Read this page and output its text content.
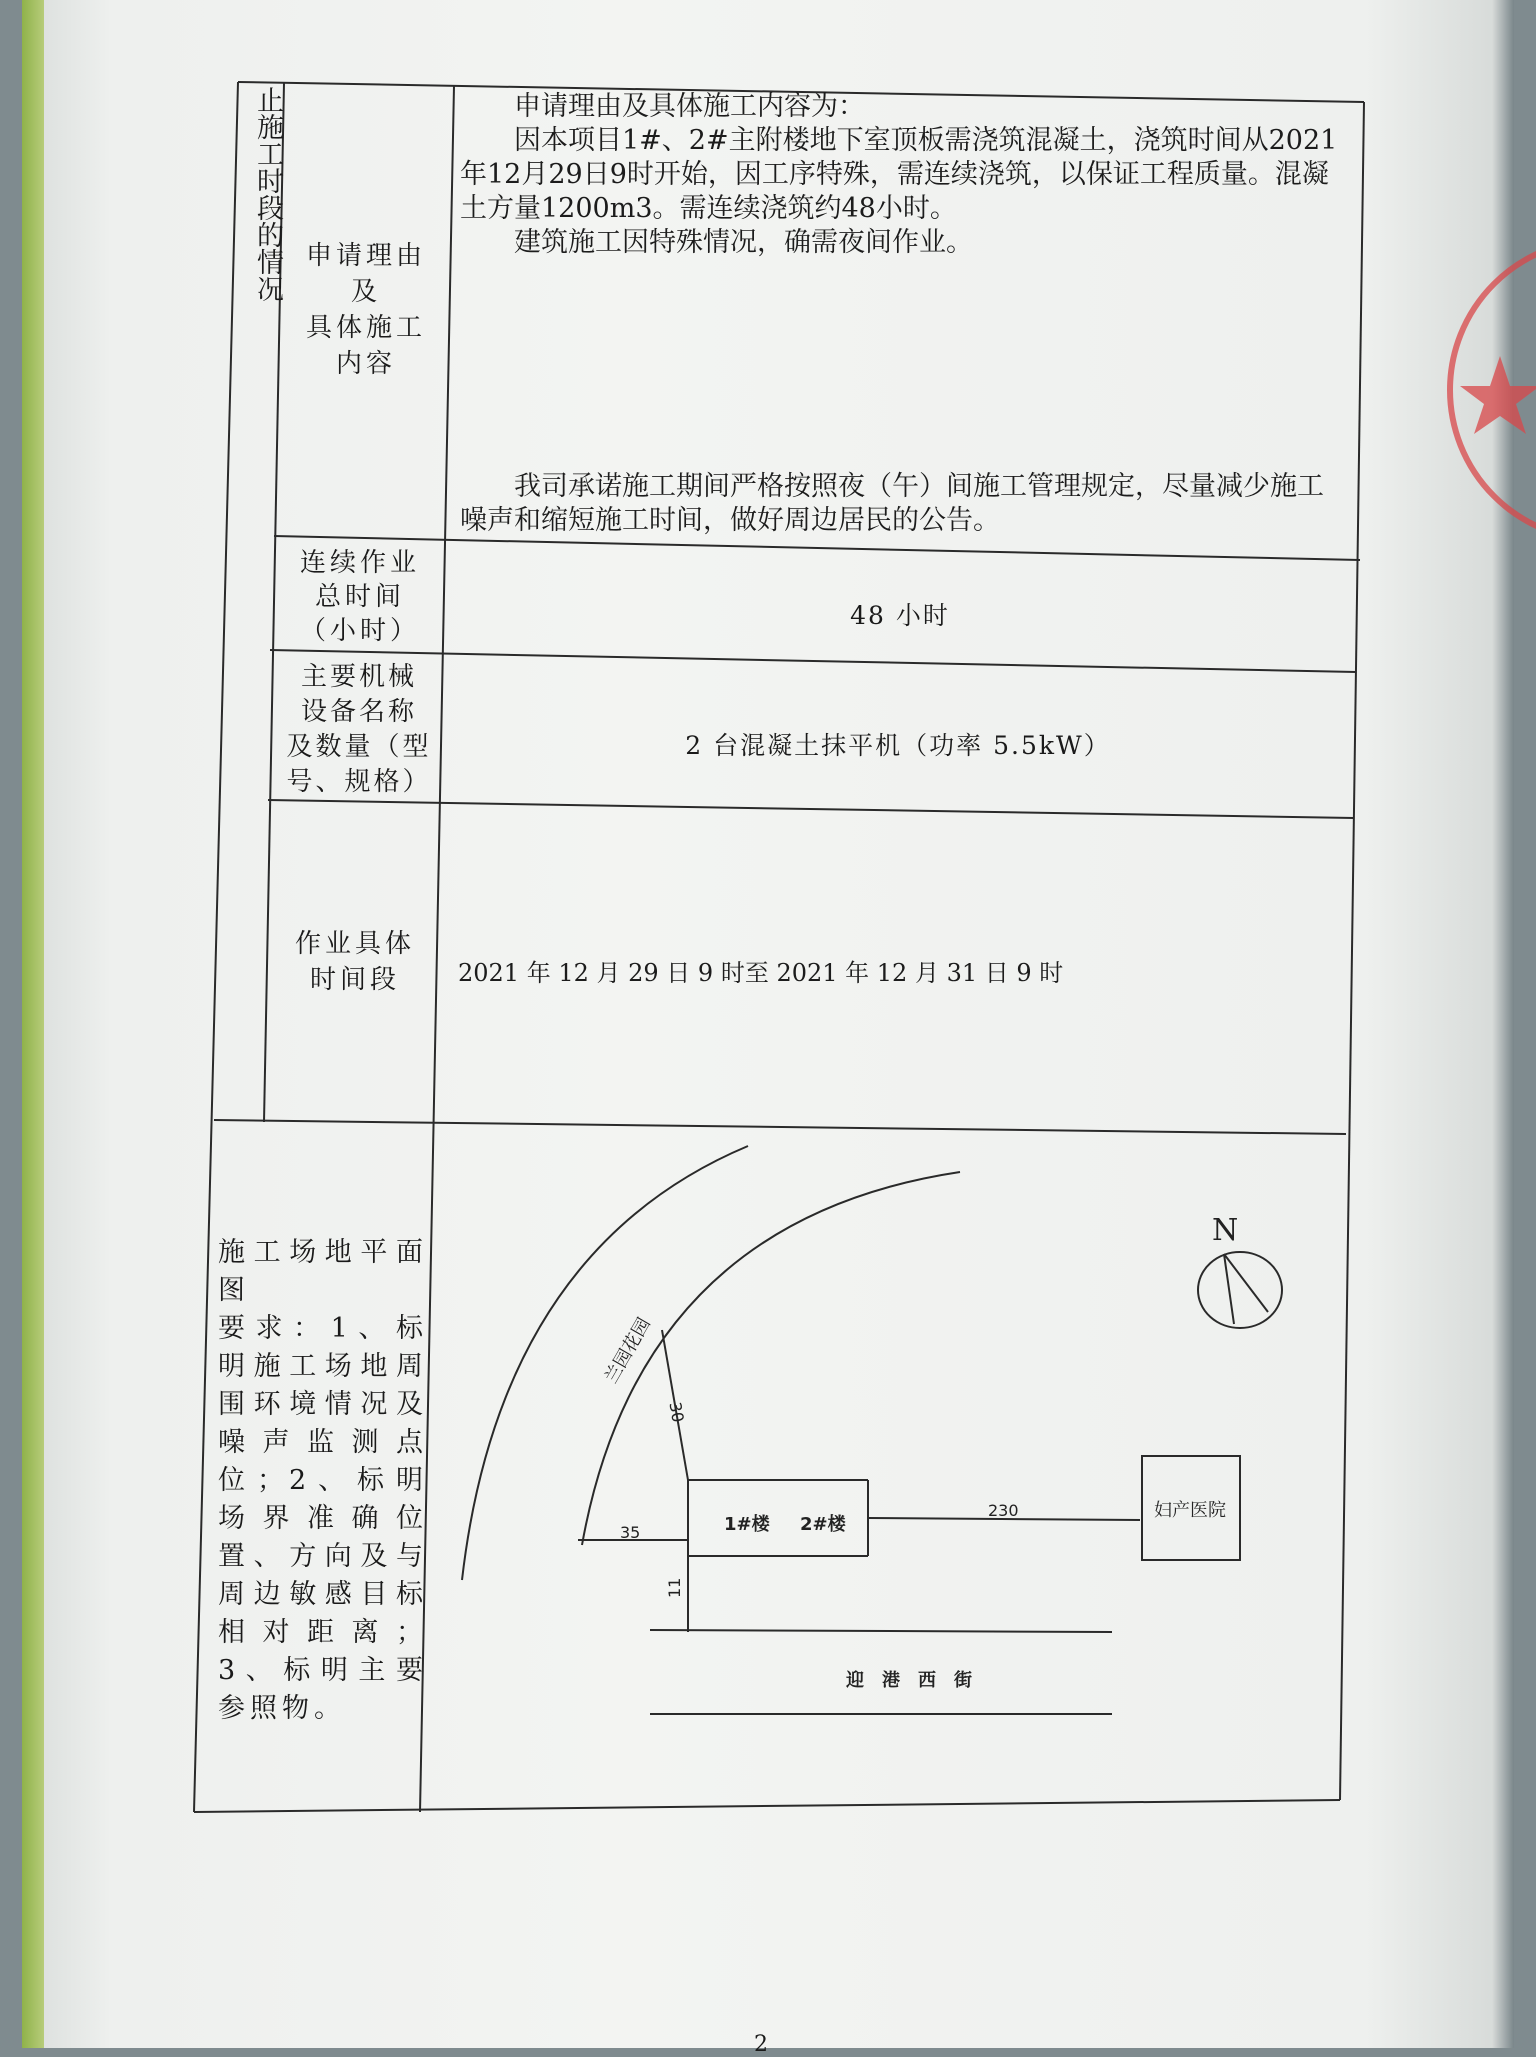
止施工时段的情况 申请理由
及
具体施工
内容

申请理由及具体施工内容为：

因本项目1#、2#主附楼地下室顶板需浇筑混凝土，浇筑时间从2021年12月29日9时开始，因工序特殊，需连续浇筑，以保证工程质量。混凝土方量1200m3。需连续浇筑约48小时。

建筑施工因特殊情况，确需夜间作业。

我司承诺施工期间严格按照夜（午）间施工管理规定，尽量减少施工噪声和缩短施工时间，做好周边居民的公告。

连续作业
总时间
（小时）
48 小时
主要机械
设备名称
及数量（型
号、规格）
2 台混凝土抹平机（功率 5.5kW）
作业具体
时间段	2021 年 12 月 29 日 9 时至 2021 年 12 月 31 日 9 时
施工场地平面图
要求：1、标明施工场地周围环境情况及噪声监测点位；2、标明场界准确位置、方向及与周边敏感目标相对距离；3、标明主要参照物。
N
兰园花园
30
35
11
230
1#楼 2#楼
妇产医院
迎港西街
2
